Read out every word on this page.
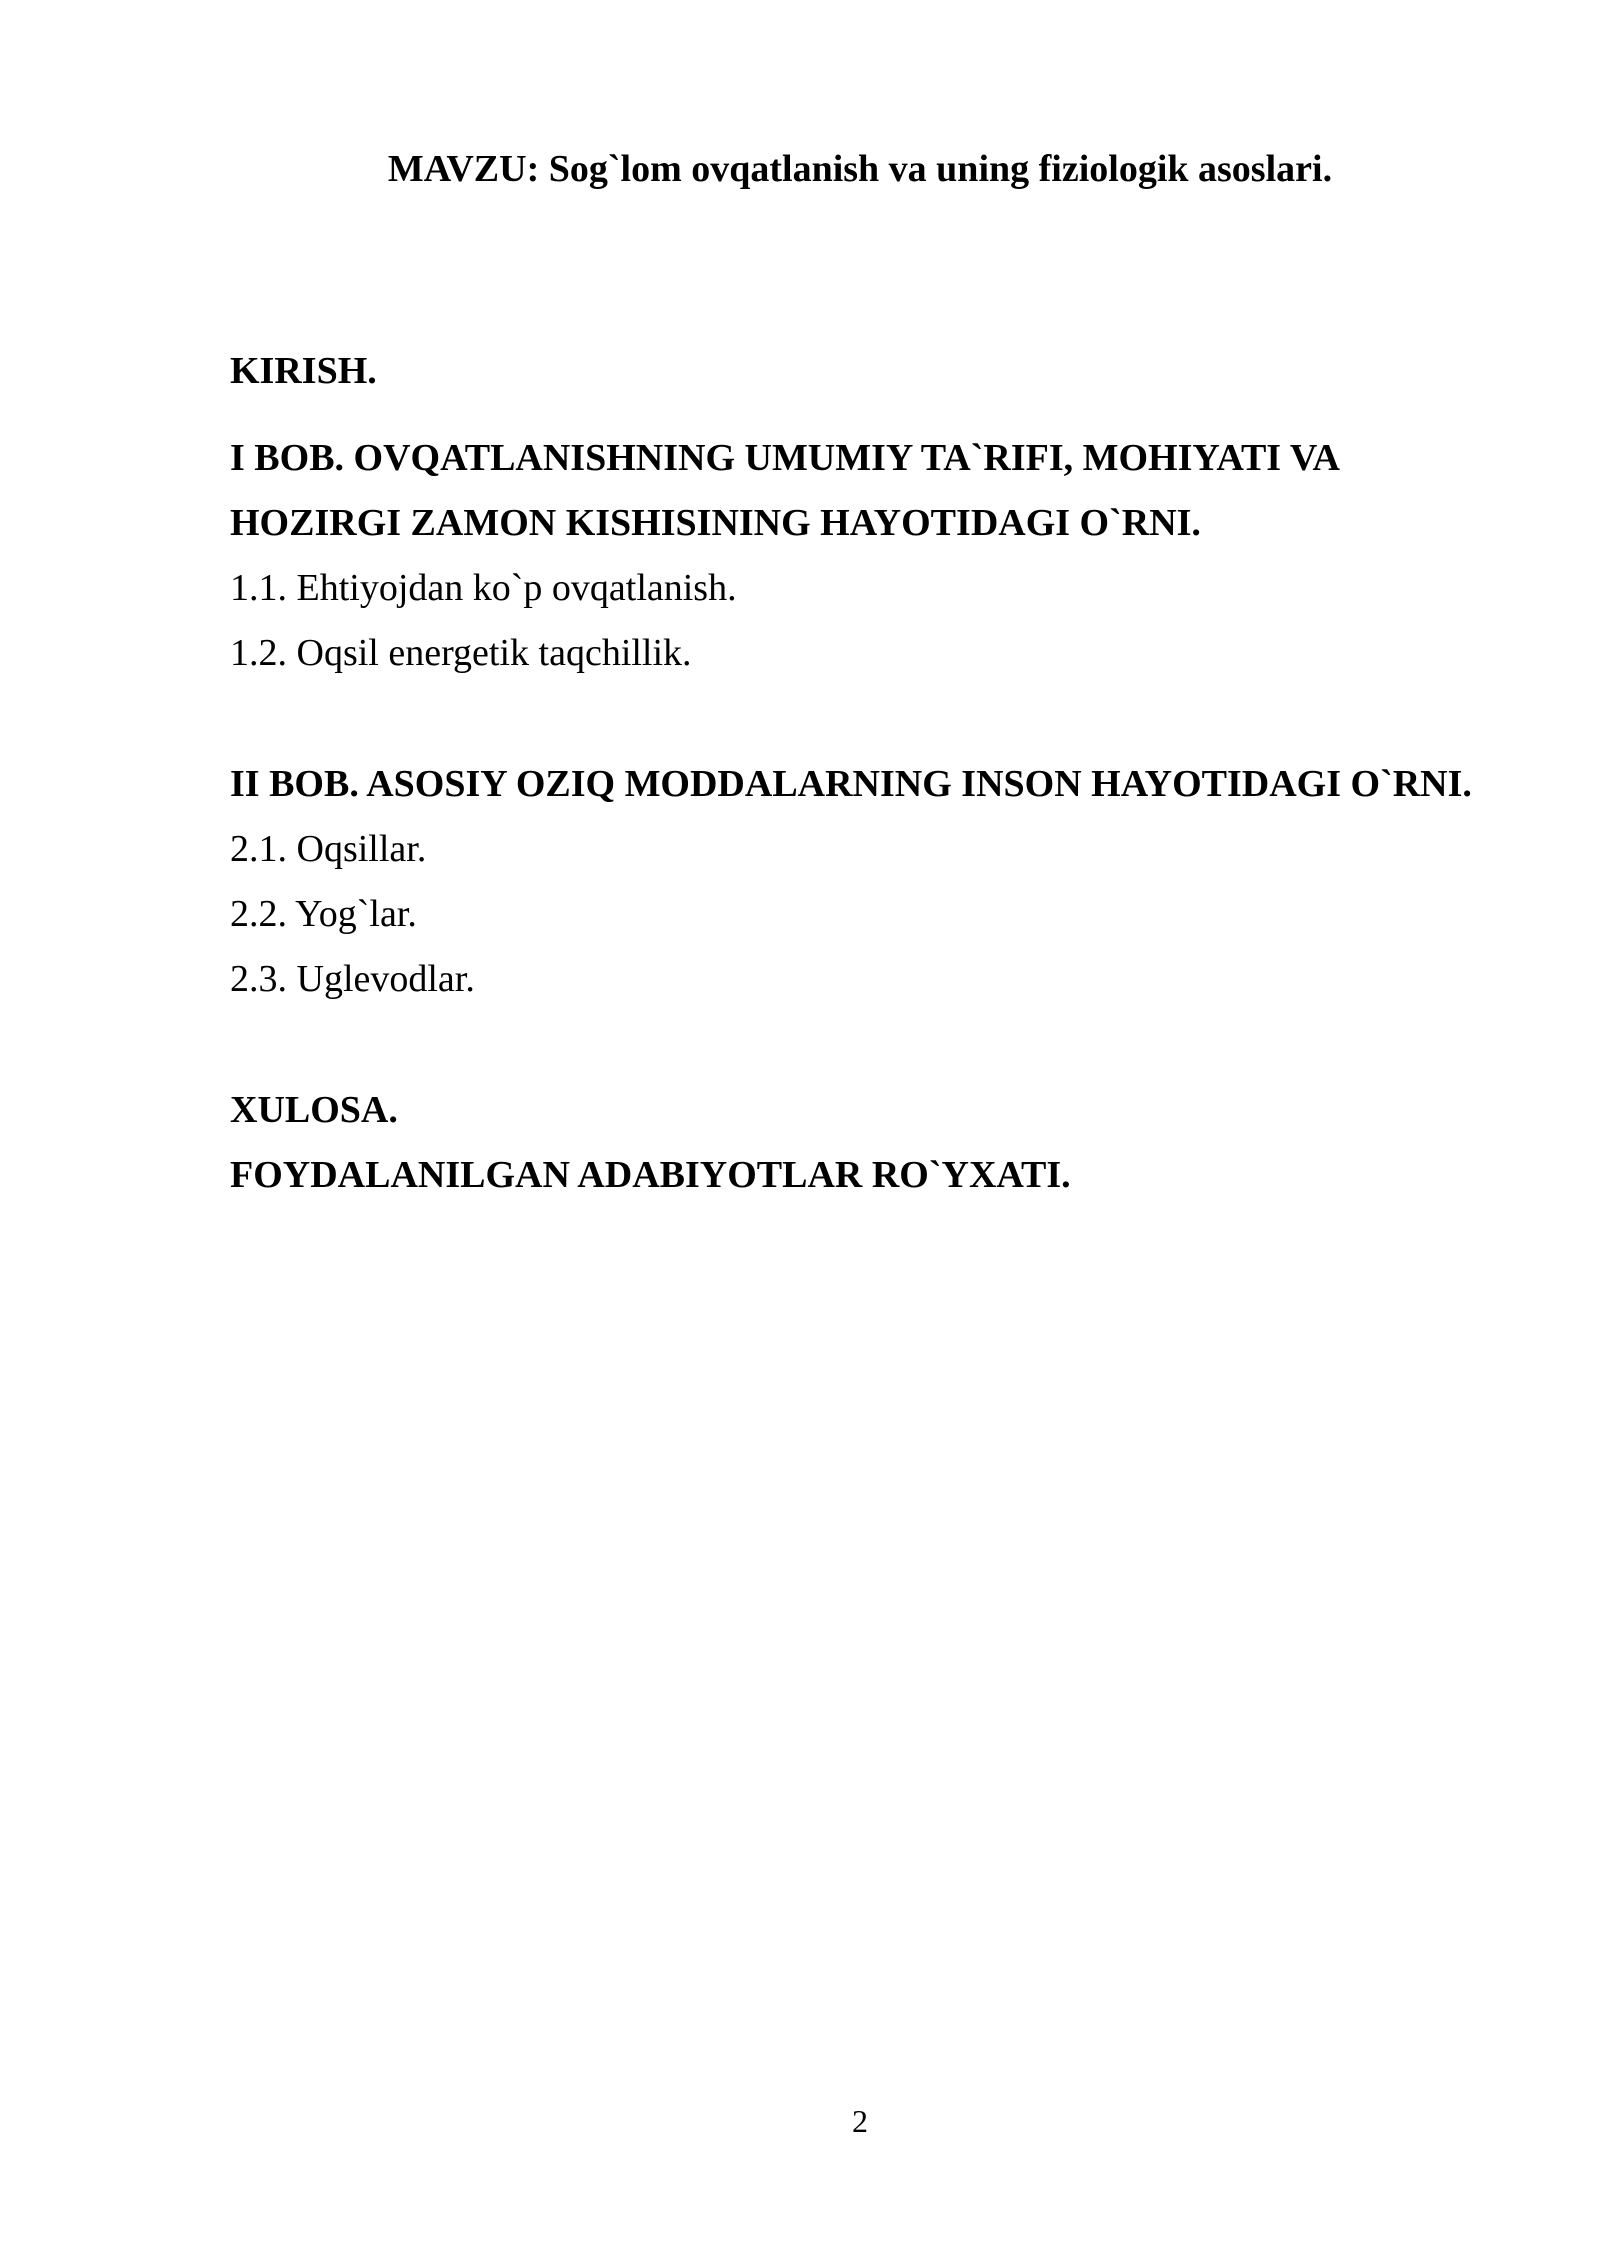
MAVZU: Sog`lom ovqatlanish va uning fiziologik asoslari.
KIRISH.
I BOB. OVQATLANISHNING UMUMIY TA`RIFI, MOHIYATI VA
HOZIRGI ZAMON KISHISINING HAYOTIDAGI O`RNI.
1.1. Ehtiyojdan ko`p ovqatlanish.
1.2. Oqsil energetik taqchillik.
II BOB. ASOSIY OZIQ MODDALARNING INSON HAYOTIDAGI O`RNI.
2.1. Oqsillar.
2.2. Yog`lar.
2.3. Uglevodlar.
XULOSA.
FOYDALANILGAN ADABIYOTLAR RO`YXATI.
2
